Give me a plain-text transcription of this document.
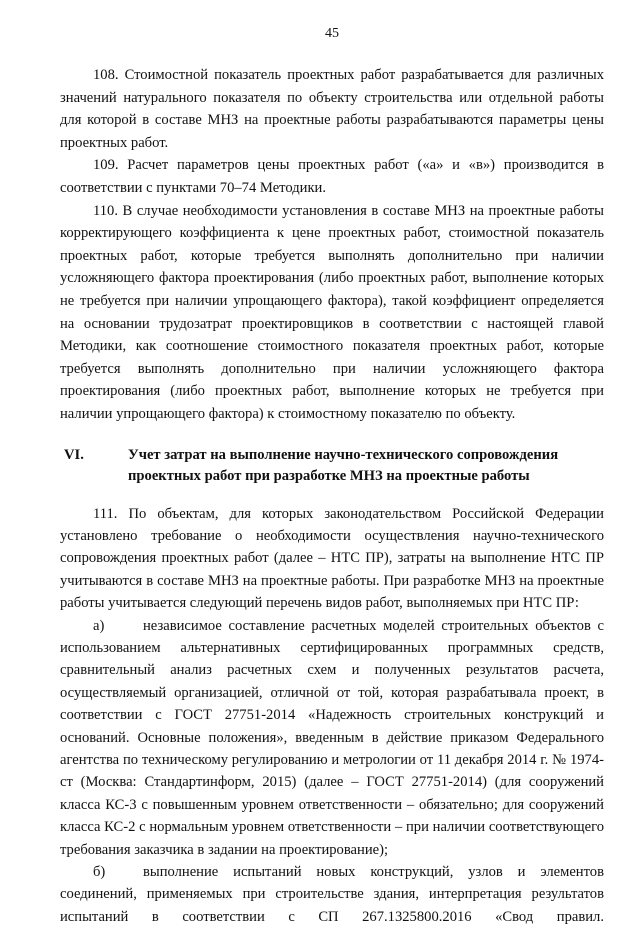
45

108. Стоимостной показатель проектных работ разрабатывается для различных значений натурального показателя по объекту строительства или отдельной работы для которой в составе МНЗ на проектные работы разрабатываются параметры цены проектных работ.

109. Расчет параметров цены проектных работ («а» и «в») производится в соответствии с пунктами 70–74 Методики.

110. В случае необходимости установления в составе МНЗ на проектные работы корректирующего коэффициента к цене проектных работ, стоимостной показатель проектных работ, которые требуется выполнять дополнительно при наличии усложняющего фактора проектирования (либо проектных работ, выполнение которых не требуется при наличии упрощающего фактора), такой коэффициент определяется на основании трудозатрат проектировщиков в соответствии с настоящей главой Методики, как соотношение стоимостного показателя проектных работ, которые требуется выполнять дополнительно при наличии усложняющего фактора проектирования (либо проектных работ, выполнение которых не требуется при наличии упрощающего фактора) к стоимостному показателю по объекту.

VI.	Учет затрат на выполнение научно-технического сопровождения проектных работ при разработке МНЗ на проектные работы

111. По объектам, для которых законодательством Российской Федерации установлено требование о необходимости осуществления научно-технического сопровождения проектных работ (далее – НТС ПР), затраты на выполнение НТС ПР учитываются в составе МНЗ на проектные работы. При разработке МНЗ на проектные работы учитывается следующий перечень видов работ, выполняемых при НТС ПР:

а)	независимое составление расчетных моделей строительных объектов с использованием альтернативных сертифицированных программных средств, сравнительный анализ расчетных схем и полученных результатов расчета, осуществляемый организацией, отличной от той, которая разрабатывала проект, в соответствии с ГОСТ 27751-2014 «Надежность строительных конструкций и оснований. Основные положения», введенным в действие приказом Федерального агентства по техническому регулированию и метрологии от 11 декабря 2014 г. № 1974-ст (Москва: Стандартинформ, 2015) (далее – ГОСТ 27751-2014) (для сооружений класса КС-3 с повышенным уровнем ответственности – обязательно; для сооружений класса КС-2 с нормальным уровнем ответственности – при наличии соответствующего требования заказчика в задании на проектирование);

б)	выполнение испытаний новых конструкций, узлов и элементов соединений, применяемых при строительстве здания, интерпретация результатов испытаний в соответствии с СП 267.1325800.2016 «Свод правил.
